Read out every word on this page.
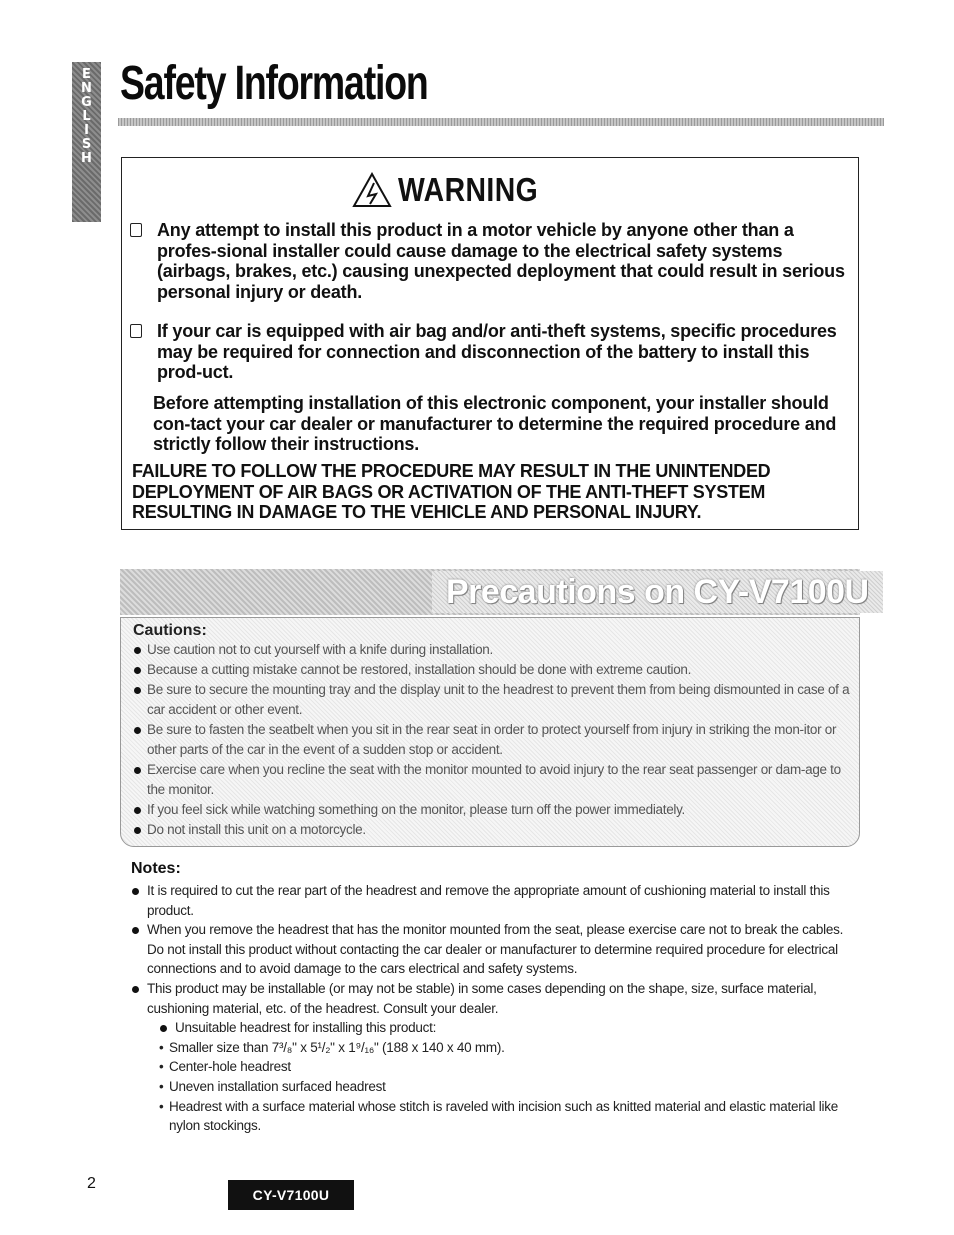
E
N
G
L
I
S
H
Safety Information
WARNING
Any attempt to install this product in a motor vehicle by anyone other than a profes-sional installer could cause damage to the electrical safety systems (airbags, brakes, etc.) causing unexpected deployment that could result in serious personal injury or death.
If your car is equipped with air bag and/or anti-theft systems, specific procedures may be required for connection and disconnection of the battery to install this prod-uct.
Before attempting installation of this electronic component, your installer should con-tact your car dealer or manufacturer to determine the required procedure and strictly follow their instructions.
FAILURE TO FOLLOW THE PROCEDURE MAY RESULT IN THE UNINTENDED DEPLOYMENT OF AIR BAGS OR ACTIVATION OF THE ANTI-THEFT SYSTEM RESULTING IN DAMAGE TO THE VEHICLE AND PERSONAL INJURY.
Precautions on CY-V7100U
Cautions:
Use caution not to cut yourself with a knife during installation.
Because a cutting mistake cannot be restored, installation should be done with extreme caution.
Be sure to secure the mounting tray and the display unit to the headrest to prevent them from being dismounted in case of a car accident or other event.
Be sure to fasten the seatbelt when you sit in the rear seat in order to protect yourself from injury in striking the mon-itor or other parts of the car in the event of a sudden stop or accident.
Exercise care when you recline the seat with the monitor mounted to avoid injury to the rear seat passenger or dam-age to the monitor.
If you feel sick while watching something on the monitor, please turn off the power immediately.
Do not install this unit on a motorcycle.
Notes:
It is required to cut the rear part of the headrest and remove the appropriate amount of cushioning material to install this product.
When you remove the headrest that has the monitor mounted from the seat, please exercise care not to break the cables.
Do not install this product without contacting the car dealer or manufacturer to determine required procedure for electrical connections and to avoid damage to the cars electrical and safety systems.
This product may be installable (or may not be stable) in some cases depending on the shape, size, surface material, cushioning material, etc. of the headrest. Consult your dealer.
Unsuitable headrest for installing this product:
• Smaller size than 7³/₈" x 5¹/₂" x 1⁹/₁₆" (188 x 140 x 40 mm).
• Center-hole headrest
• Uneven installation surfaced headrest
• Headrest with a surface material whose stitch is raveled with incision such as knitted material and elastic material like nylon stockings.
2
CY-V7100U
